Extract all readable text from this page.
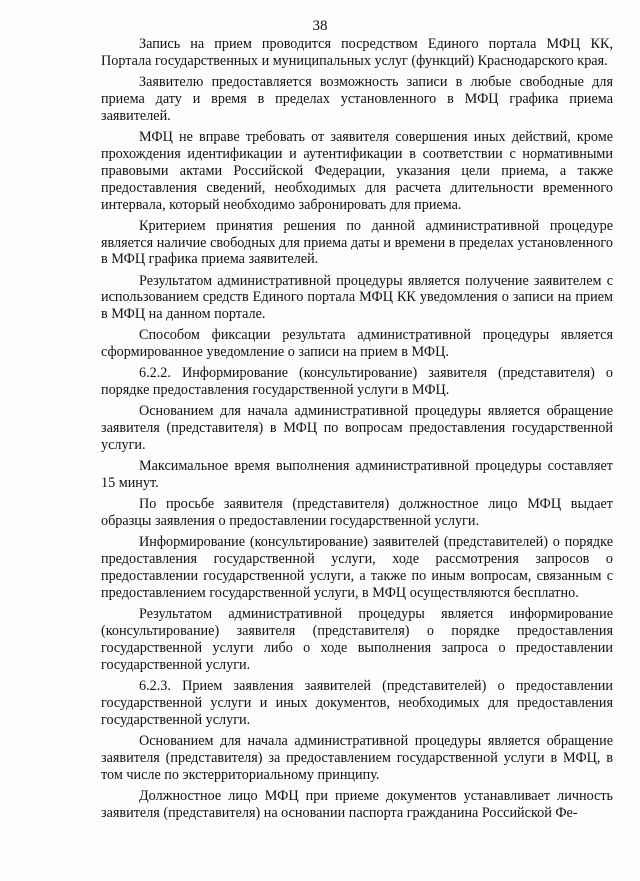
38

Запись на прием проводится посредством Единого портала МФЦ КК, Портала государственных и муниципальных услуг (функций) Краснодарского края.

Заявителю предоставляется возможность записи в любые свободные для приема дату и время в пределах установленного в МФЦ графика приема заявителей.

МФЦ не вправе требовать от заявителя совершения иных действий, кроме прохождения идентификации и аутентификации в соответствии с нормативными правовыми актами Российской Федерации, указания цели приема, а также предоставления сведений, необходимых для расчета длительности временного интервала, который необходимо забронировать для приема.

Критерием принятия решения по данной административной процедуре является наличие свободных для приема даты и времени в пределах установленного в МФЦ графика приема заявителей.

Результатом административной процедуры является получение заявителем с использованием средств Единого портала МФЦ КК уведомления о записи на прием в МФЦ на данном портале.

Способом фиксации результата административной процедуры является сформированное уведомление о записи на прием в МФЦ.

6.2.2. Информирование (консультирование) заявителя (представителя) о порядке предоставления государственной услуги в МФЦ.

Основанием для начала административной процедуры является обращение заявителя (представителя) в МФЦ по вопросам предоставления государственной услуги.

Максимальное время выполнения административной процедуры составляет 15 минут.

По просьбе заявителя (представителя) должностное лицо МФЦ выдает образцы заявления о предоставлении государственной услуги.

Информирование (консультирование) заявителей (представителей) о порядке предоставления государственной услуги, ходе рассмотрения запросов о предоставлении государственной услуги, а также по иным вопросам, связанным с предоставлением государственной услуги, в МФЦ осуществляются бесплатно.

Результатом административной процедуры является информирование (консультирование) заявителя (представителя) о порядке предоставления государственной услуги либо о ходе выполнения запроса о предоставлении государственной услуги.

6.2.3. Прием заявления заявителей (представителей) о предоставлении государственной услуги и иных документов, необходимых для предоставления государственной услуги.

Основанием для начала административной процедуры является обращение заявителя (представителя) за предоставлением государственной услуги в МФЦ, в том числе по экстерриториальному принципу.

Должностное лицо МФЦ при приеме документов устанавливает личность заявителя (представителя) на основании паспорта гражданина Российской Фе-
